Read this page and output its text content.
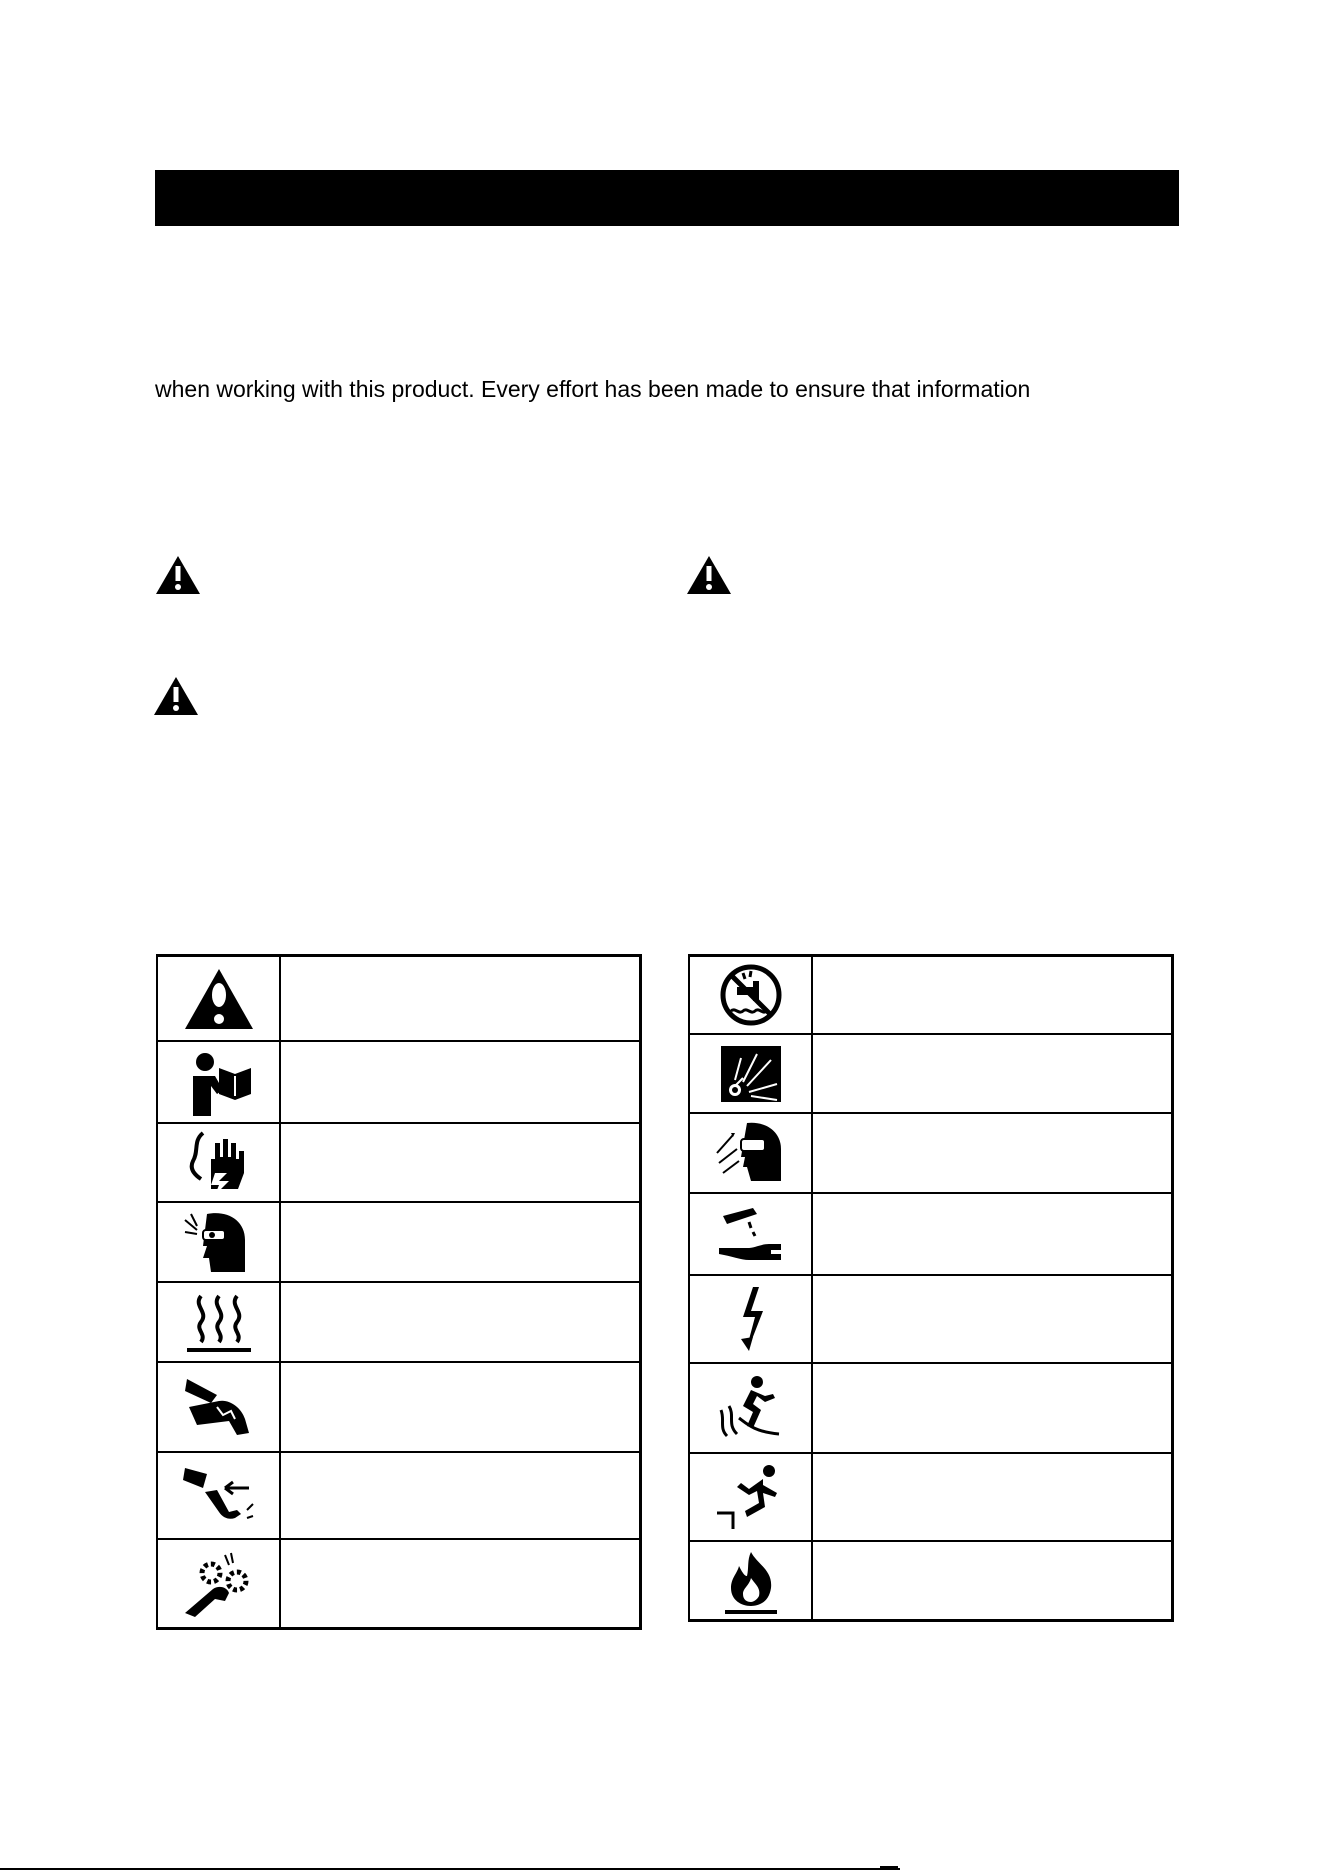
when working with this product. Every effort has been made to ensure that information
